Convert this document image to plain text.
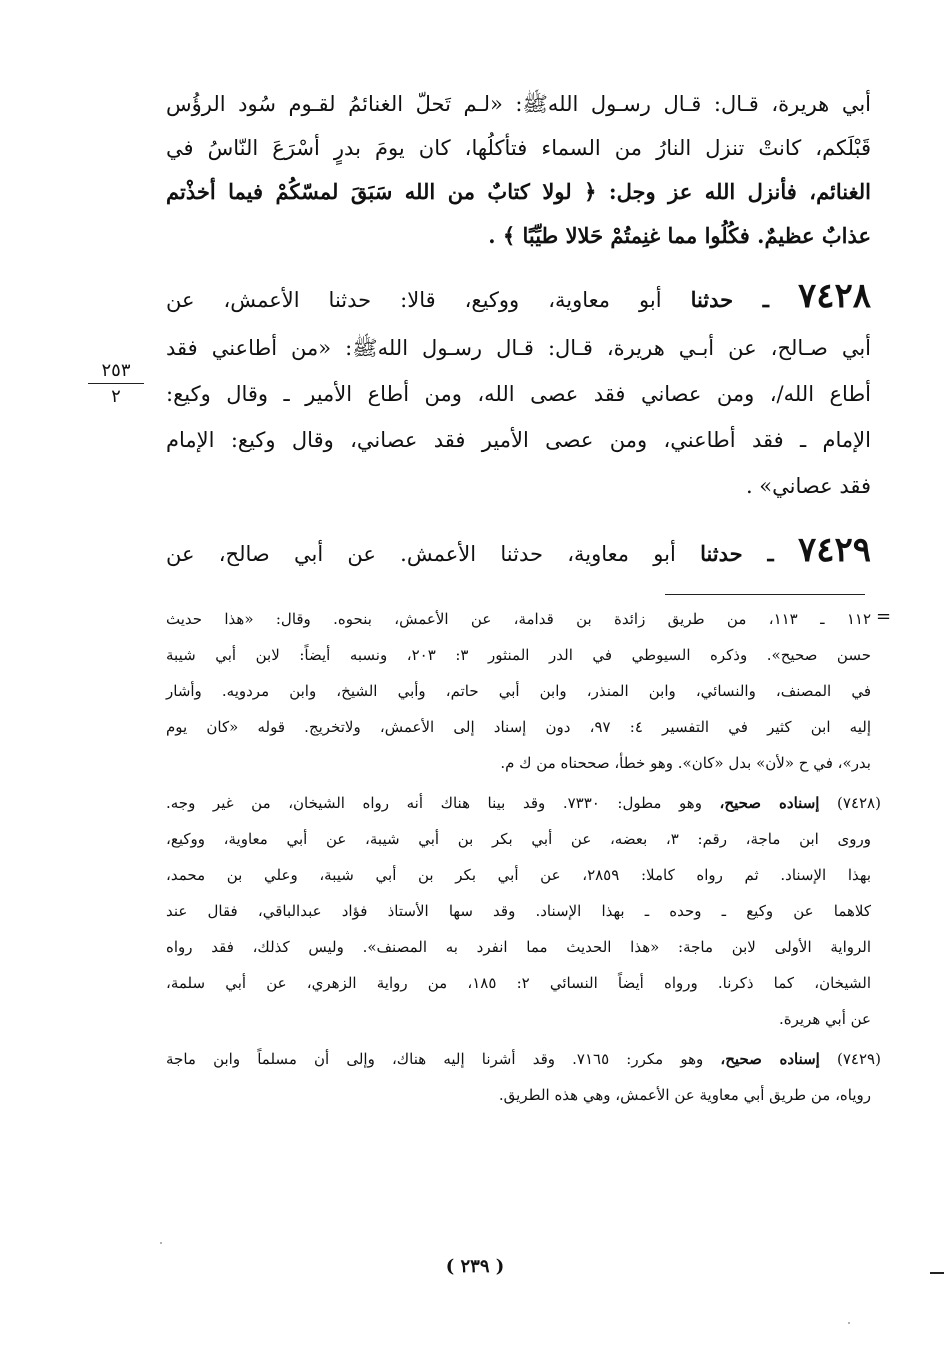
أبي هريرة، قـال: قـال رسـول اللهﷺ: «لـم تَحلّ الغنائمُ لقـوم سُود الرؤُس
قَبْلَكم، كانتْ تنزل النارُ من السماء فتأكلُها، كان يومَ بدرٍ أسْرَعَ النّاسُ في
الغنائم، فأنزل الله عز وجل: ﴿ لولا كتابٌ من الله سَبَقَ لمسّكُمْ فيما أخذْتم
عذابٌ عظيمٌ. فكُلُوا مما غنِمتُمْ حَلالا طيِّبًا ﴾ .
٧٤٢٨ ـ حدثنا أبو معاوية، ووكيع، قالا: حدثنا الأعمش، عن
أبي صـالح، عن أبـي هريرة، قـال: قـال رسـول اللهﷺ: «من أطاعني فقد
أطاع الله/، ومن عصاني فقد عصى الله، ومن أطاع الأمير ـ وقال وكيع:
الإمام ـ فقد أطاعني، ومن عصى الأمير فقد عصاني، وقال وكيع: الإمام
فقد عصاني» .
٧٤٢٩ ـ حدثنا أبو معاوية، حدثنا الأعمش. عن أبي صالح، عن
٢٥٣
٢
=
١١٢ ـ ١١٣، من طريق زائدة بن قدامة، عن الأعمش، بنحوه. وقال: «هذا حديث
حسن صحيح». وذكره السيوطي في الدر المنثور ٣: ٢٠٣، ونسبه أيضاً: لابن أبي شيبة
في المصنف، والنسائي، وابن المنذر، وابن أبي حاتم، وأبي الشيخ، وابن مردويه. وأشار
إليه ابن كثير في التفسير ٤: ٩٧، دون إسناد إلى الأعمش، ولاتخريج. قوله «كان يوم
بدر»، في ح «لأن» بدل «كان». وهو خطأ، صححناه من ك م.
(٧٤٢٨) إسناده صحيح، وهو مطول: ٧٣٣٠. وقد بينا هناك أنه رواه الشيخان، من غير وجه.
وروى ابن ماجة، رقم: ٣، بعضه، عن أبي بكر بن أبي شيبة، عن أبي معاوية، ووكيع،
بهذا الإسناد. ثم رواه كاملا: ٢٨٥٩، عن أبي بكر بن أبي شيبة، وعلي بن محمد،
كلاهما عن وكيع ـ وحده ـ بهذا الإسناد. وقد سها الأستاذ فؤاد عبدالباقي، فقال عند
الرواية الأولى لابن ماجة: «هذا الحديث مما انفرد به المصنف». وليس كذلك، فقد رواه
الشيخان، كما ذكرنا. ورواه أيضاً النسائي ٢: ١٨٥، من رواية الزهري، عن أبي سلمة،
عن أبي هريرة.
(٧٤٢٩) إسناده صحيح، وهو مكرر: ٧١٦٥. وقد أشرنا إليه هناك، وإلى أن مسلماً وابن ماجة
روياه، من طريق أبي معاوية عن الأعمش، وهي هذه الطريق.
( ٢٣٩ )
